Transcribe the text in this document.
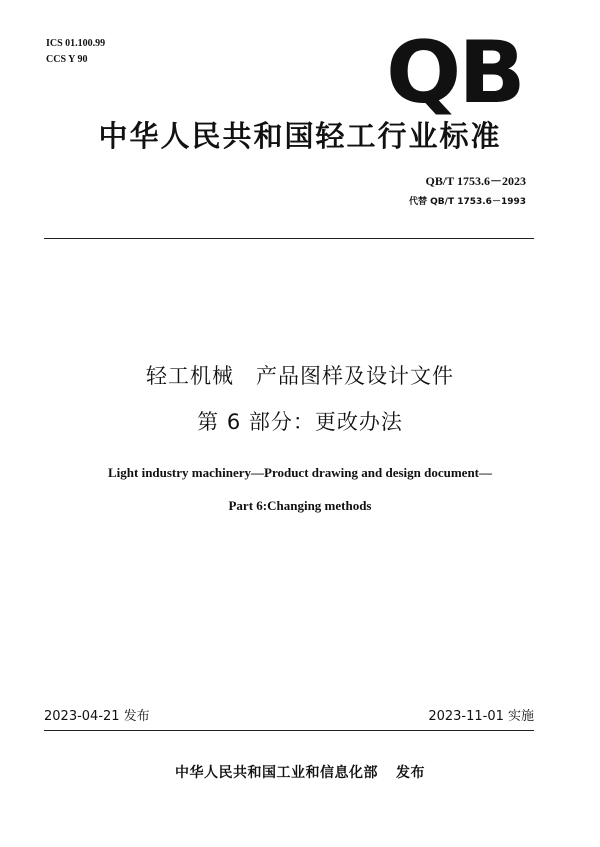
ICS 01.100.99
CCS Y 90	QB
中华人民共和国轻工行业标准
QB/T 1753.6－2023
代替 QB/T 1753.6－1993
轻工机械　产品图样及设计文件
第 6 部分：更改办法
Light industry machinery—Product drawing and design document—
Part 6:Changing methods
2023-04-21 发布	2023-11-01 实施
中华人民共和国工业和信息化部 发布
